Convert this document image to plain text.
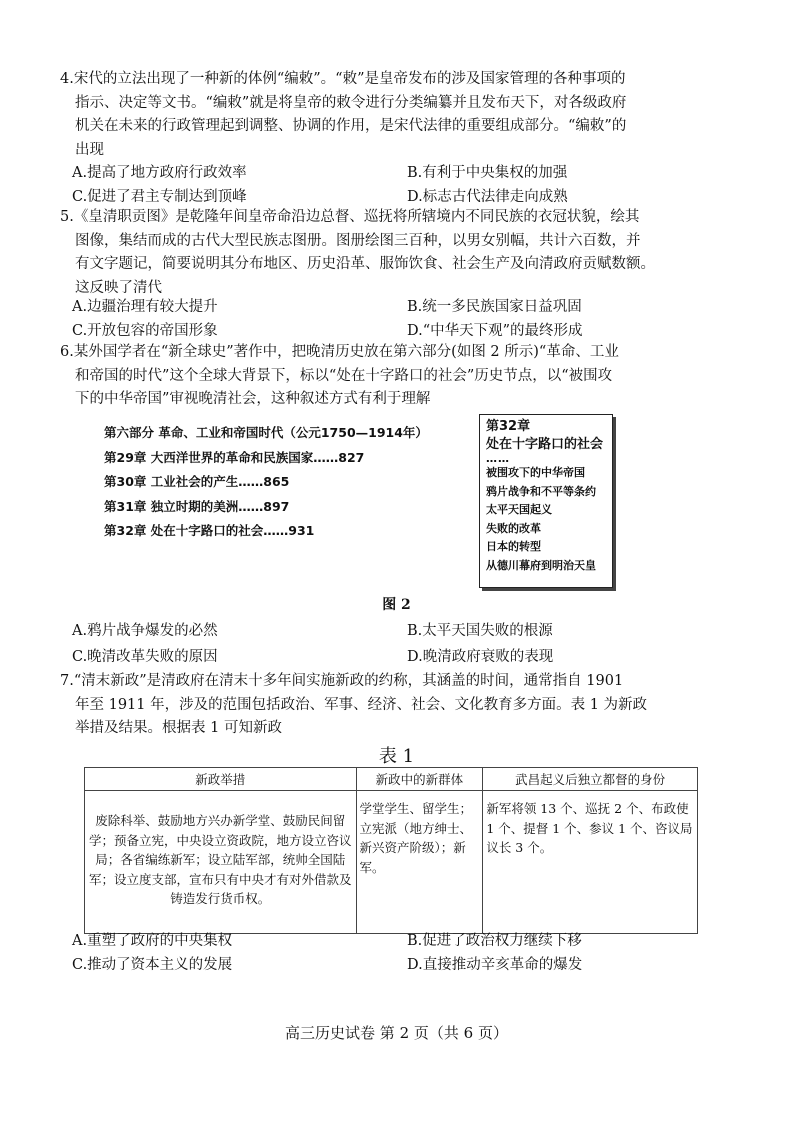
4.宋代的立法出现了一种新的体例“编敕”。“敕”是皇帝发布的涉及国家管理的各种事项的

指示、决定等文书。“编敕”就是将皇帝的敕令进行分类编纂并且发布天下，对各级政府

机关在未来的行政管理起到调整、协调的作用，是宋代法律的重要组成部分。“编敕”的

出现

A.提高了地方政府行政效率	B.有利于中央集权的加强
C.促进了君主专制达到顶峰	D.标志古代法律走向成熟

5.《皇清职贡图》是乾隆年间皇帝命沿边总督、巡抚将所辖境内不同民族的衣冠状貌，绘其

图像，集结而成的古代大型民族志图册。图册绘图三百种，以男女别幅，共计六百数，并

有文字题记，简要说明其分布地区、历史沿革、服饰饮食、社会生产及向清政府贡赋数额。

这反映了清代

A.边疆治理有较大提升	B.统一多民族国家日益巩固
C.开放包容的帝国形象	D.“中华天下观”的最终形成

6.某外国学者在“新全球史”著作中，把晚清历史放在第六部分(如图 2 所示)“革命、工业

和帝国的时代”这个全球大背景下，标以“处在十字路口的社会”历史节点，以“被围攻

下的中华帝国”审视晚清社会，这种叙述方式有利于理解

第六部分 革命、工业和帝国时代（公元1750—1914年）
第29章 大西洋世界的革命和民族国家……827
第30章 工业社会的产生……865
第31章 独立时期的美洲……897
第32章 处在十字路口的社会……931
第32章
处在十字路口的社会
……
被围攻下的中华帝国
鸦片战争和不平等条约
太平天国起义
失败的改革
日本的转型
从德川幕府到明治天皇
图 2
A.鸦片战争爆发的必然	B.太平天国失败的根源
C.晚清改革失败的原因	D.晚清政府衰败的表现

7.“清末新政”是清政府在清末十多年间实施新政的约称，其涵盖的时间，通常指自 1901

年至 1911 年，涉及的范围包括政治、军事、经济、社会、文化教育多方面。表 1 为新政

举措及结果。根据表 1 可知新政

表 1
新政举措	新政中的新群体	武昌起义后独立都督的身份
废除科举、鼓励地方兴办新学堂、鼓励民间留学；预备立宪，中央设立资政院，地方设立咨议局；各省编练新军；设立陆军部，统帅全国陆军；设立度支部，宣布只有中央才有对外借款及铸造发行货币权。	学堂学生、留学生；立宪派（地方绅士、新兴资产阶级）；新军。	新军将领 13 个、巡抚 2 个、布政使 1 个、提督 1 个、参议 1 个、咨议局议长 3 个。
A.重塑了政府的中央集权	B.促进了政治权力继续下移
C.推动了资本主义的发展	D.直接推动辛亥革命的爆发
高三历史试卷 第 2 页（共 6 页）
